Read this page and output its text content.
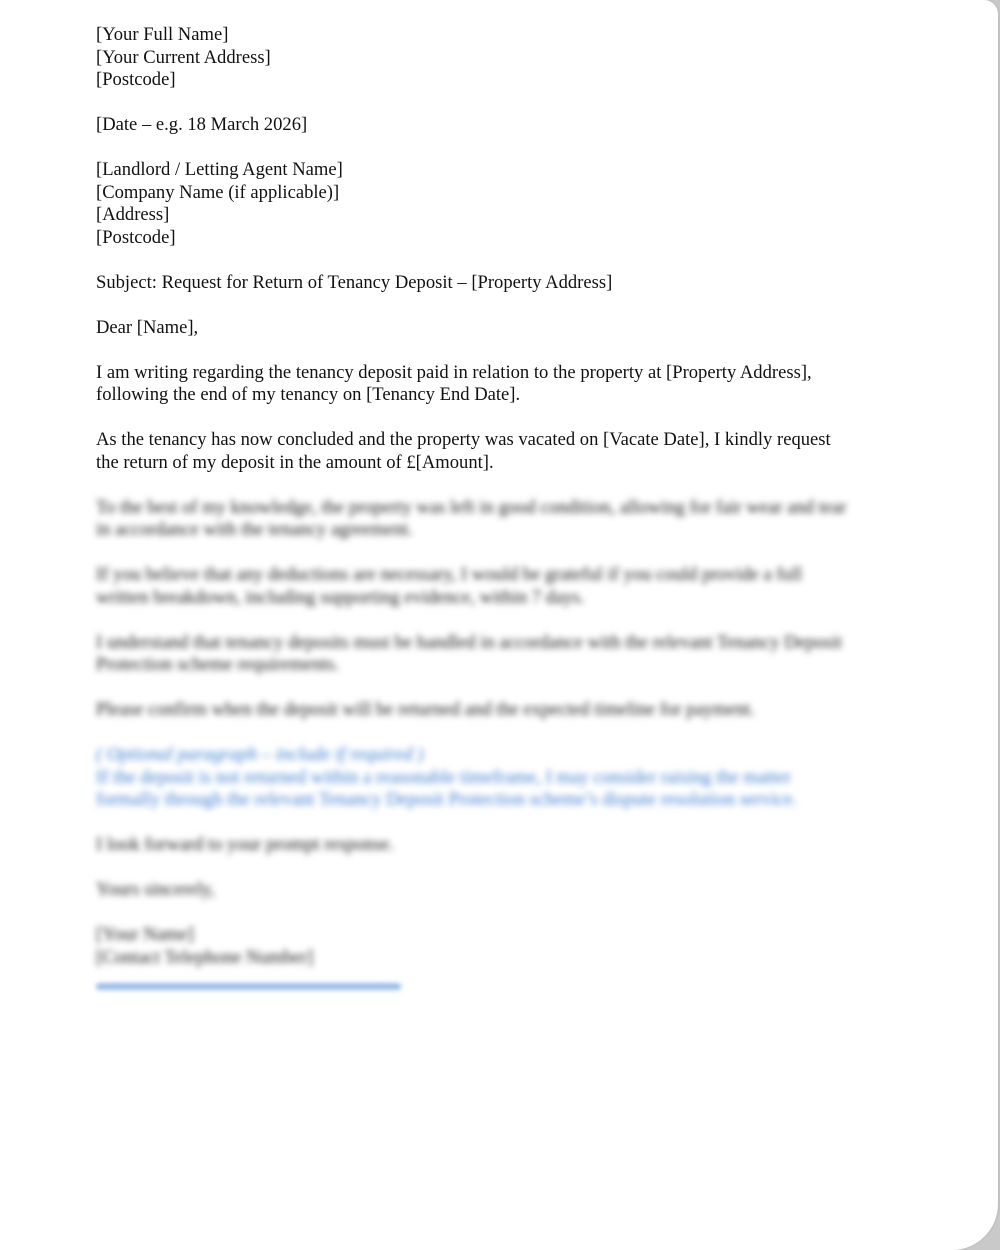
[Your Full Name]
[Your Current Address]
[Postcode]
[Date – e.g. 18 March 2026]
[Landlord / Letting Agent Name]
[Company Name (if applicable)]
[Address]
[Postcode]
Subject: Request for Return of Tenancy Deposit – [Property Address]
Dear [Name],

I am writing regarding the tenancy deposit paid in relation to the property at [Property Address], following the end of my tenancy on [Tenancy End Date].

As the tenancy has now concluded and the property was vacated on [Vacate Date], I kindly request the return of my deposit in the amount of £[Amount].

To the best of my knowledge, the property was left in good condition, allowing for fair wear and tear in accordance with the tenancy agreement.

If you believe that any deductions are necessary, I would be grateful if you could provide a full written breakdown, including supporting evidence, within 7 days.

I understand that tenancy deposits must be handled in accordance with the relevant Tenancy Deposit Protection scheme requirements.

Please confirm when the deposit will be returned and the expected timeline for payment.

( Optional paragraph – include if required )
If the deposit is not returned within a reasonable timeframe, I may consider raising the matter formally through the relevant Tenancy Deposit Protection scheme’s dispute resolution service.

I look forward to your prompt response.

Yours sincerely,
[Your Name]
[Contact Telephone Number]
